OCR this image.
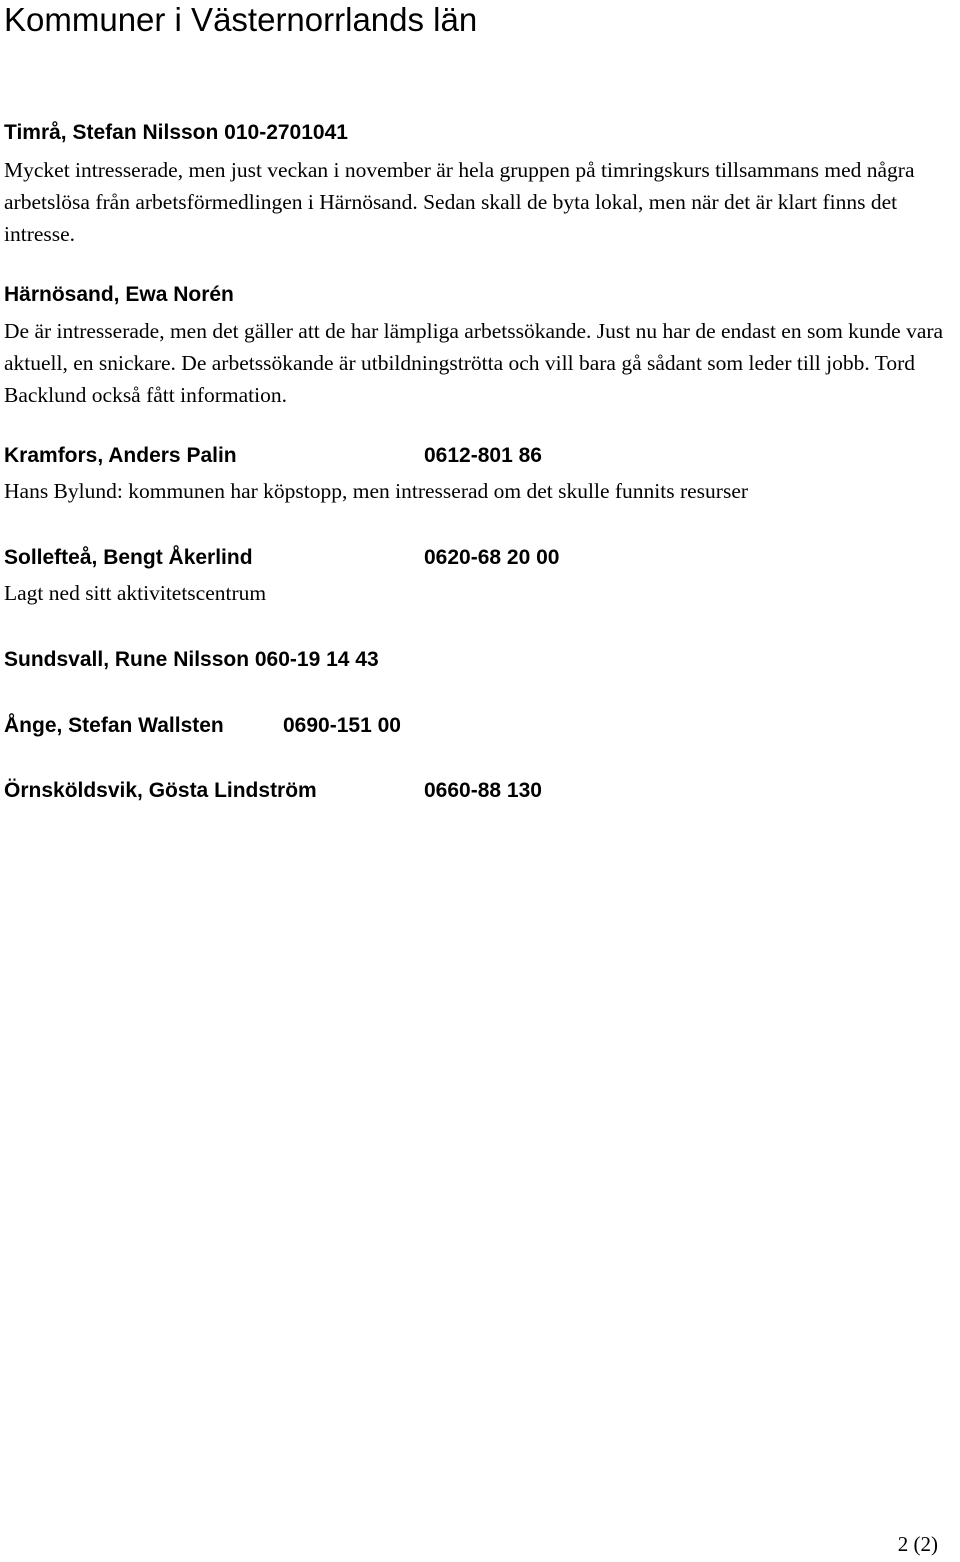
Kommuner i Västernorrlands län
Timrå, Stefan Nilsson 010-2701041

Mycket intresserade, men just veckan i november är hela gruppen på timringskurs tillsammans med några arbetslösa från arbetsförmedlingen i Härnösand. Sedan skall de byta lokal, men när det är klart finns det intresse.

Härnösand, Ewa Norén

De är intresserade, men det gäller att de har lämpliga arbetssökande. Just nu har de endast en som kunde vara aktuell, en snickare. De arbetssökande är utbildningströtta och vill bara gå sådant som leder till jobb. Tord Backlund också fått information.

Kramfors, Anders Palin	0612-801 86

Hans Bylund: kommunen har köpstopp, men intresserad om det skulle funnits resurser

Sollefteå, Bengt Åkerlind	0620-68 20 00

Lagt ned sitt aktivitetscentrum

Sundsvall, Rune Nilsson 060-19 14 43
Ånge, Stefan Wallsten	0690-151 00
Örnsköldsvik, Gösta Lindström	0660-88 130

2 (2)
